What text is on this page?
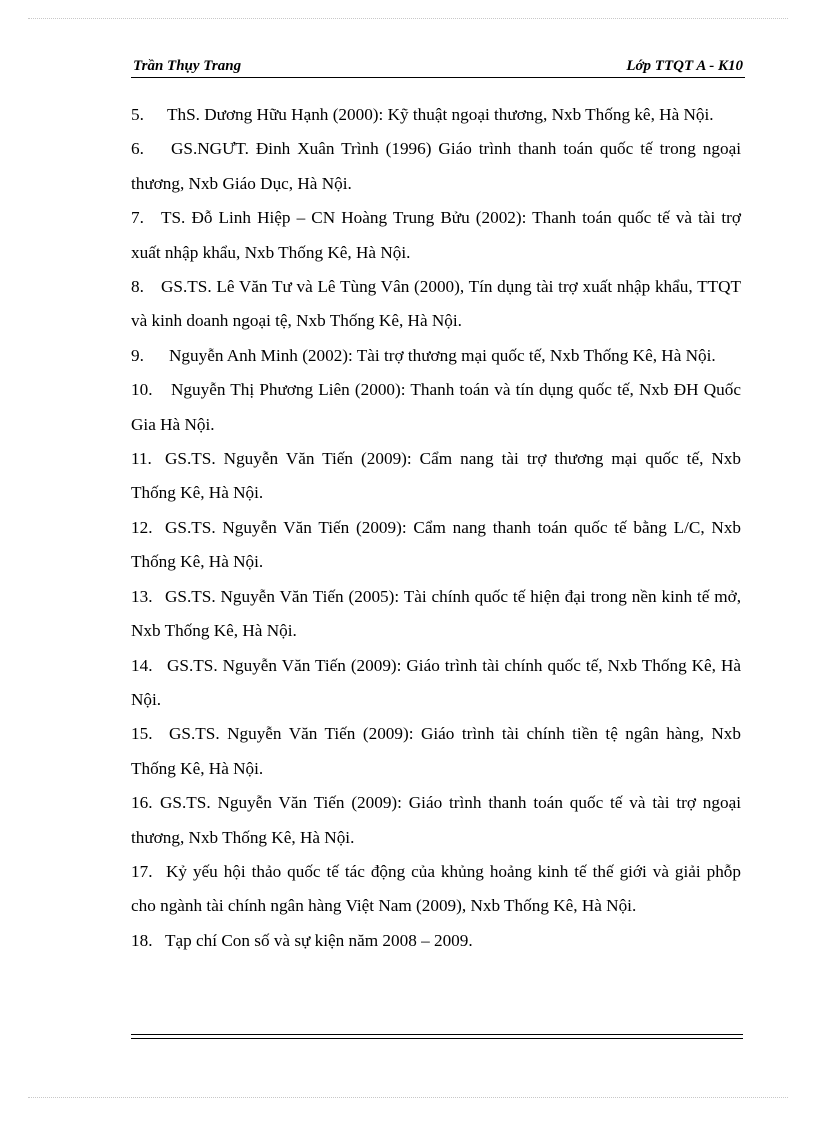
Trần Thụy Trang	Lớp TTQT A - K10

5. ThS. Dương Hữu Hạnh (2000): Kỹ thuật ngoại thương, Nxb Thống kê, Hà Nội.

6. GS.NGƯT. Đinh Xuân Trình (1996) Giáo trình thanh toán quốc tế trong ngoại thương, Nxb Giáo Dục, Hà Nội.

7. TS. Đỗ Linh Hiệp – CN Hoàng Trung Bửu (2002): Thanh toán quốc tế và tài trợ xuất nhập khẩu, Nxb Thống Kê, Hà Nội.

8. GS.TS. Lê Văn Tư và Lê Tùng Vân (2000), Tín dụng tài trợ xuất nhập khẩu, TTQT và kinh doanh ngoại tệ, Nxb Thống Kê, Hà Nội.

9. Nguyễn Anh Minh (2002): Tài trợ thương mại quốc tế, Nxb Thống Kê, Hà Nội.

10. Nguyễn Thị Phương Liên (2000): Thanh toán và tín dụng quốc tế, Nxb ĐH Quốc Gia Hà Nội.

11. GS.TS. Nguyễn Văn Tiến (2009): Cẩm nang tài trợ thương mại quốc tế, Nxb Thống Kê, Hà Nội.

12. GS.TS. Nguyễn Văn Tiến (2009): Cẩm nang thanh toán quốc tế bằng L/C, Nxb Thống Kê, Hà Nội.

13. GS.TS. Nguyễn Văn Tiến (2005): Tài chính quốc tế hiện đại trong nền kinh tế mở, Nxb Thống Kê, Hà Nội.

14. GS.TS. Nguyễn Văn Tiến (2009): Giáo trình tài chính quốc tế, Nxb Thống Kê, Hà Nội.

15. GS.TS. Nguyễn Văn Tiến (2009): Giáo trình tài chính tiền tệ ngân hàng, Nxb Thống Kê, Hà Nội.

16. GS.TS. Nguyễn Văn Tiến (2009): Giáo trình thanh toán quốc tế và tài trợ ngoại thương, Nxb Thống Kê, Hà Nội.

17. Kỷ yếu hội thảo quốc tế tác động của khủng hoảng kinh tế thế giới và giải phỗp cho ngành tài chính ngân hàng Việt Nam (2009), Nxb Thống Kê, Hà Nội.

18. Tạp chí Con số và sự kiện năm 2008 – 2009.
